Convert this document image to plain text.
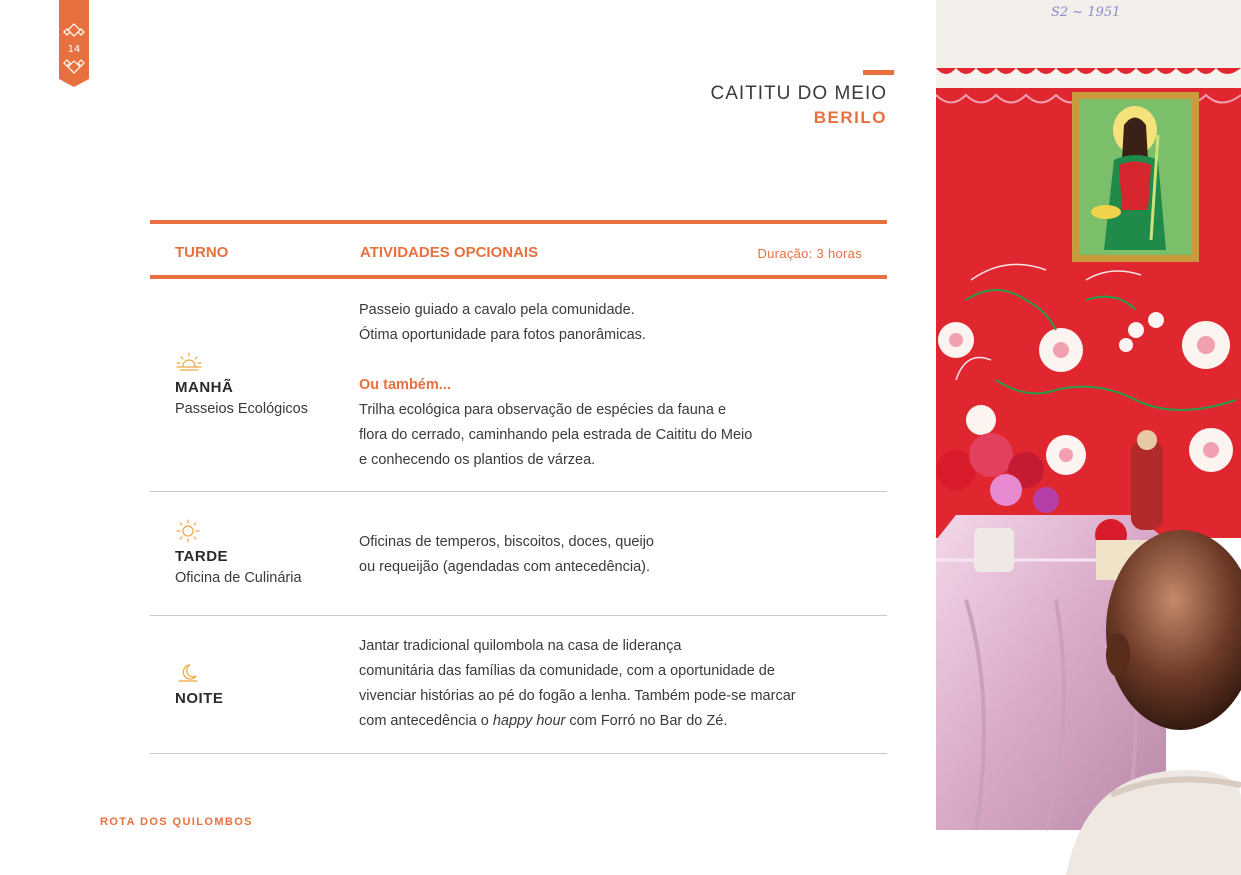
14
CAITITU DO MEIO
BERILO
TURNO	ATIVIDADES OPCIONAIS	Duração: 3 horas
MANHÃ
Passeios Ecológicos
Passeio guiado a cavalo pela comunidade.
Ótima oportunidade para fotos panorâmicas.
Ou também...
Trilha ecológica para observação de espécies da fauna e
flora do cerrado, caminhando pela estrada de Caititu do Meio
e conhecendo os plantios de várzea.
TARDE
Oficina de Culinária
Oficinas de temperos, biscoitos, doces, queijo
ou requeijão (agendadas com antecedência).
NOITE
Jantar tradicional quilombola na casa de liderança
comunitária das famílias da comunidade, com a oportunidade de
vivenciar histórias ao pé do fogão a lenha. Também pode-se marcar
com antecedência o happy hour com Forró no Bar do Zé.
ROTA DOS QUILOMBOS
S2 ~ 1951
